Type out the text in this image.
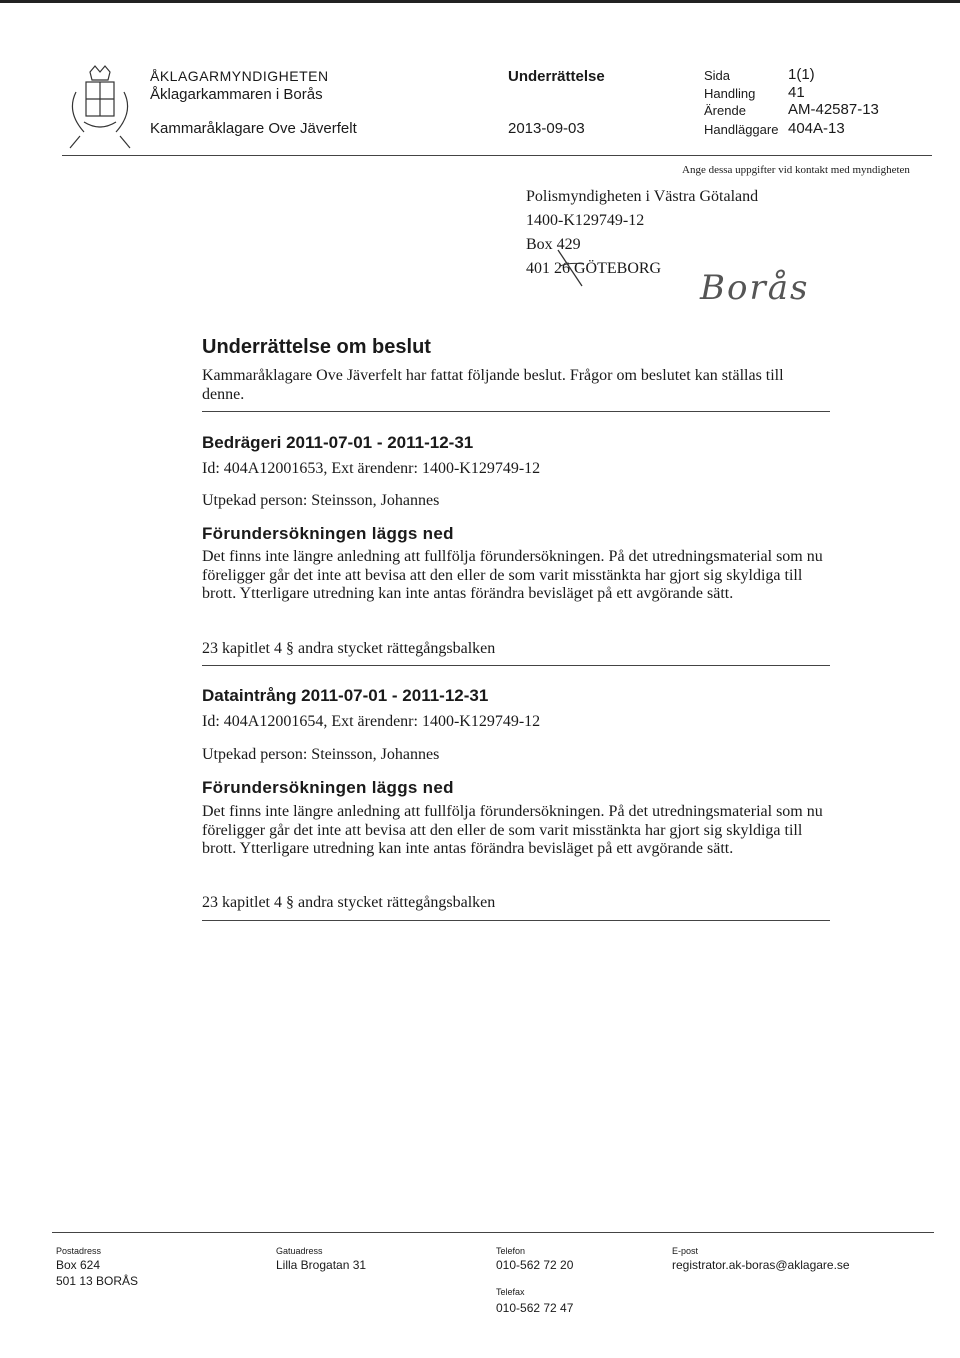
ÅKLAGARMYNDIGHETEN
Åklagarkammaren i Borås
Kammaråklagare Ove Jäverfelt
Underrättelse
2013-09-03
Sida	1(1)
Handling 41
Ärende	AM-42587-13
Handläggare 404A-13
Ange dessa uppgifter vid kontakt med myndigheten
Polismyndigheten i Västra Götaland
1400-K129749-12
Box 429
401 26 GÖTEBORG Borås
Underrättelse om beslut
Kammaråklagare Ove Jäverfelt har fattat följande beslut. Frågor om beslutet kan ställas till denne.
Bedrägeri 2011-07-01 - 2011-12-31
Id: 404A12001653, Ext ärendenr: 1400-K129749-12
Utpekad person: Steinsson, Johannes
Förundersökningen läggs ned
Det finns inte längre anledning att fullfölja förundersökningen. På det utredningsmaterial som nu föreligger går det inte att bevisa att den eller de som varit misstänkta har gjort sig skyldiga till brott. Ytterligare utredning kan inte antas förändra bevisläget på ett avgörande sätt.
23 kapitlet 4 § andra stycket rättegångsbalken
Dataintrång 2011-07-01 - 2011-12-31
Id: 404A12001654, Ext ärendenr: 1400-K129749-12
Utpekad person: Steinsson, Johannes
Förundersökningen läggs ned
Det finns inte längre anledning att fullfölja förundersökningen. På det utredningsmaterial som nu föreligger går det inte att bevisa att den eller de som varit misstänkta har gjort sig skyldiga till brott. Ytterligare utredning kan inte antas förändra bevisläget på ett avgörande sätt.
23 kapitlet 4 § andra stycket rättegångsbalken
Postadress
Box 624
501 13 BORÅS
Gatuadress
Lilla Brogatan 31
Telefon
010-562 72 20
Telefax
010-562 72 47
E-post
registrator.ak-boras@aklagare.se
